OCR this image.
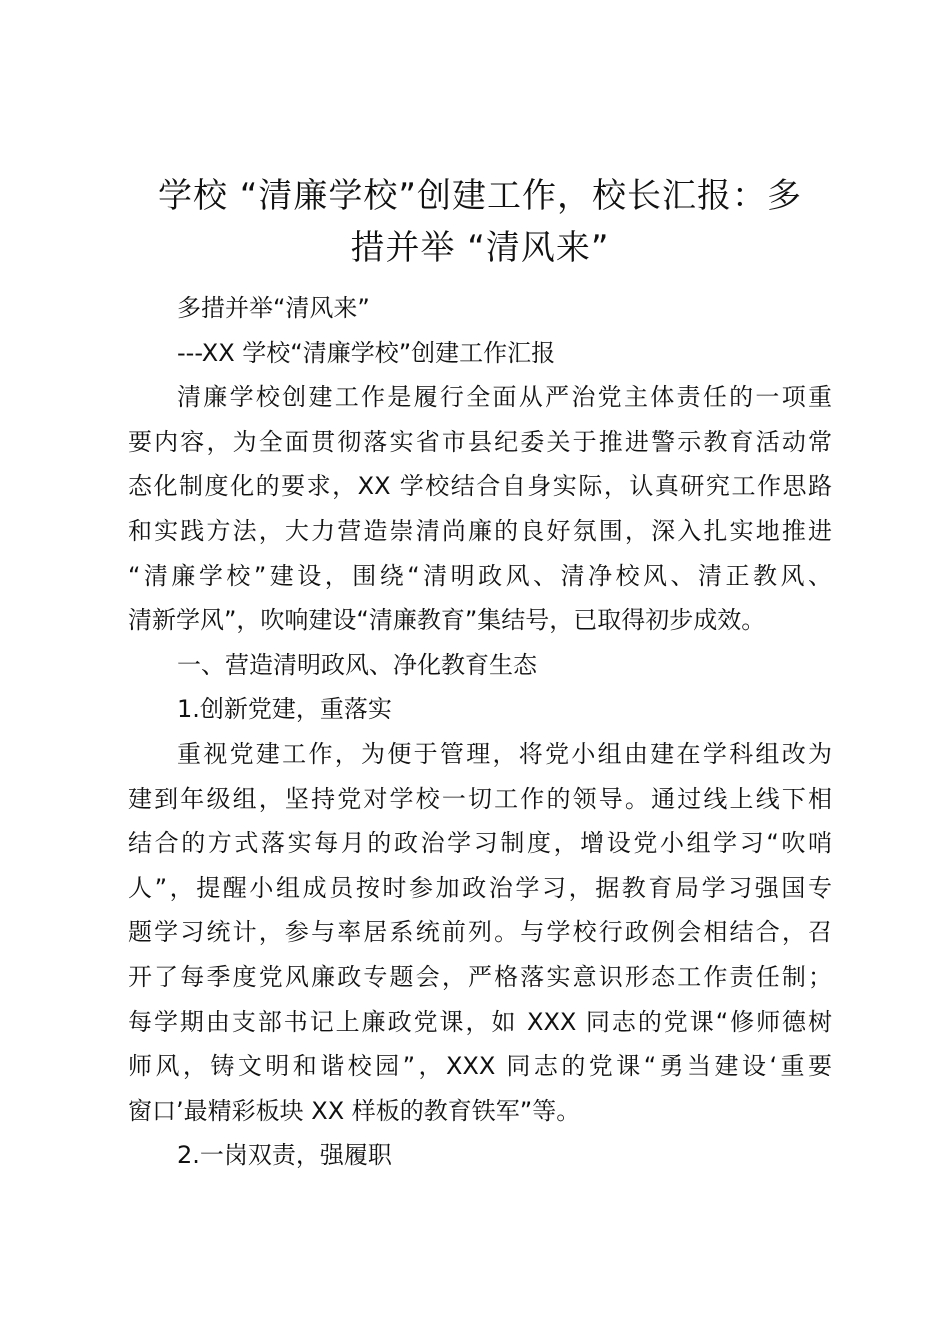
学校 “清廉学校”创建工作，校长汇报：多
措并举 “清风来”

多措并举“清风来”

---XX 学校“清廉学校”创建工作汇报

清廉学校创建工作是履行全面从严治党主体责任的一项重

要内容，为全面贯彻落实省市县纪委关于推进警示教育活动常

态化制度化的要求，XX 学校结合自身实际，认真研究工作思路

和实践方法，大力营造崇清尚廉的良好氛围，深入扎实地推进

“清廉学校”建设，围绕“清明政风、清净校风、清正教风、

清新学风”，吹响建设“清廉教育”集结号，已取得初步成效。

一、营造清明政风、净化教育生态

1.创新党建，重落实

重视党建工作，为便于管理，将党小组由建在学科组改为

建到年级组，坚持党对学校一切工作的领导。通过线上线下相

结合的方式落实每月的政治学习制度，增设党小组学习“吹哨

人”，提醒小组成员按时参加政治学习，据教育局学习强国专

题学习统计，参与率居系统前列。与学校行政例会相结合，召

开了每季度党风廉政专题会，严格落实意识形态工作责任制；

每学期由支部书记上廉政党课，如 XXX 同志的党课“修师德树

师风，铸文明和谐校园”，XXX 同志的党课“勇当建设‘重要

窗口’最精彩板块 XX 样板的教育铁军”等。

2.一岗双责，强履职
